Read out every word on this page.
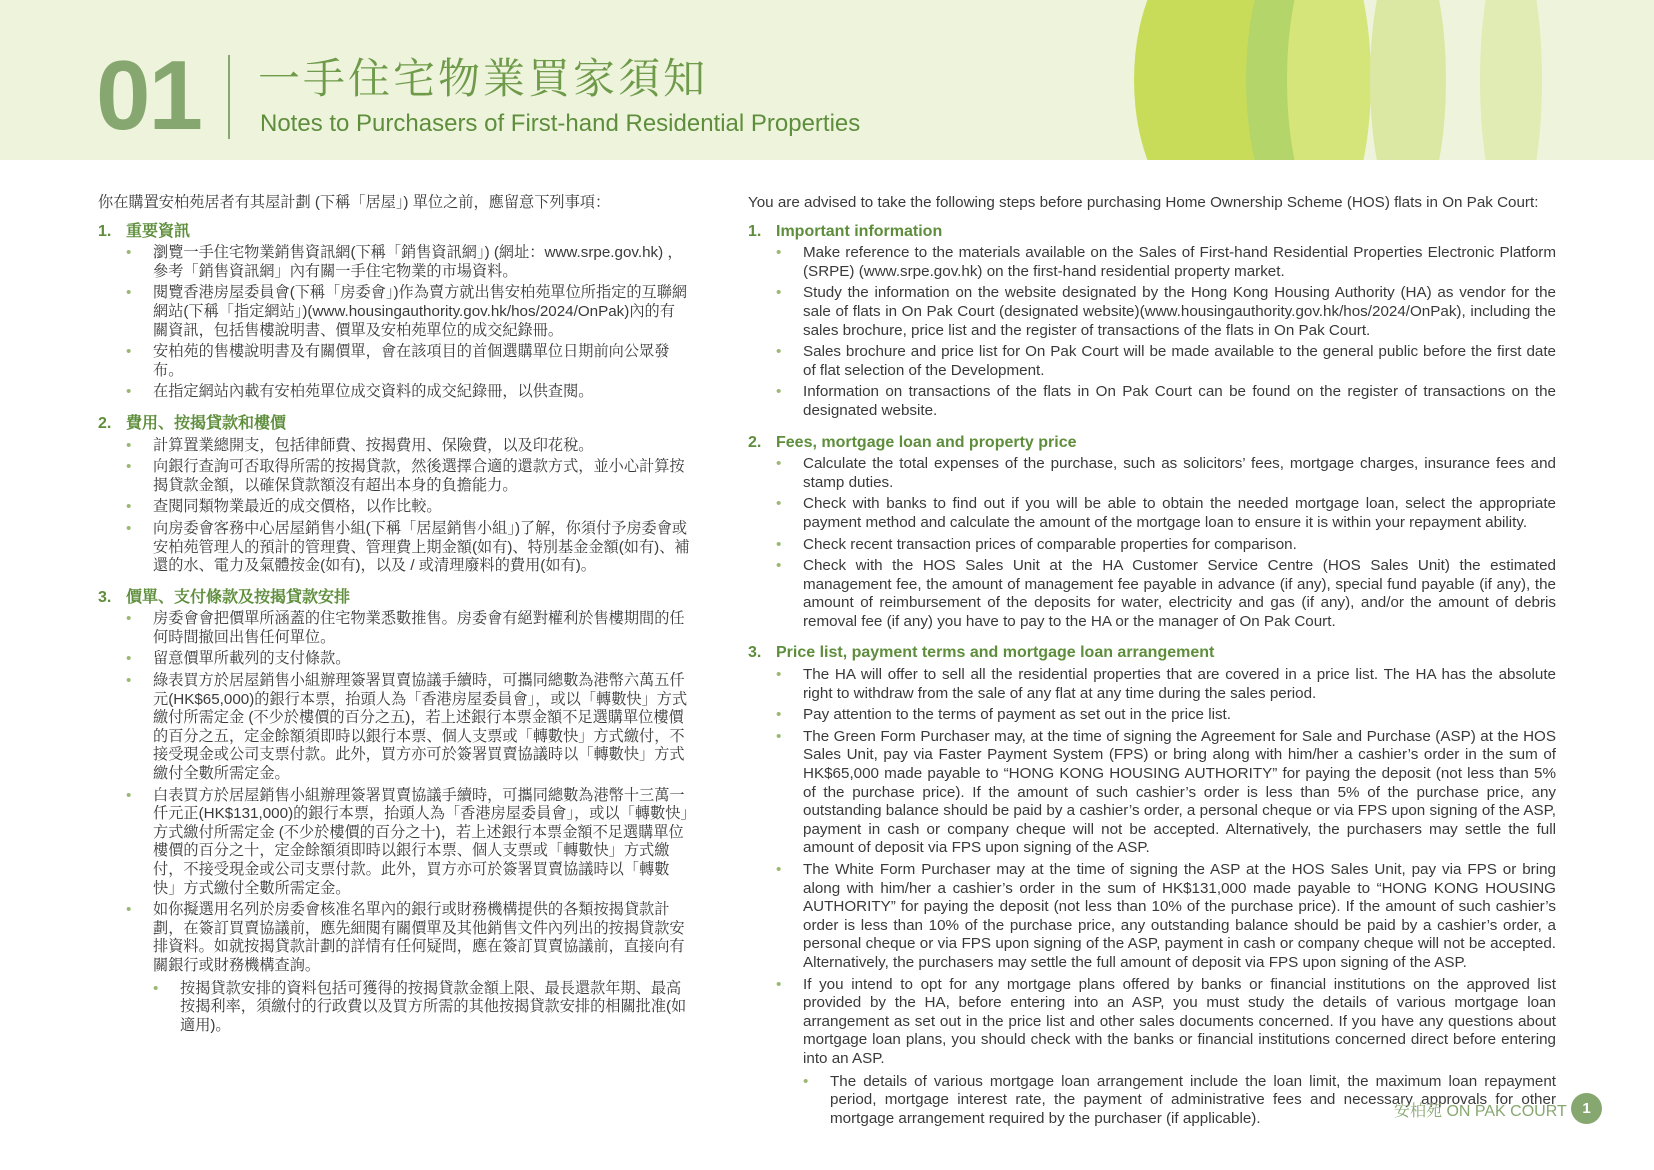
01 一手住宅物業買家須知
Notes to Purchasers of First-hand Residential Properties

你在購置安柏苑居者有其屋計劃 (下稱「居屋」) 單位之前，應留意下列事項：

1. 重要資訊
• 瀏覽一手住宅物業銷售資訊網(下稱「銷售資訊網」) (網址：www.srpe.gov.hk) ，參考「銷售資訊網」內有關一手住宅物業的市場資料。
• 閱覽香港房屋委員會(下稱「房委會」)作為賣方就出售安柏苑單位所指定的互聯網網站(下稱「指定網站」)(www.housingauthority.gov.hk/hos/2024/OnPak)內的有關資訊，包括售樓說明書、價單及安柏苑單位的成交紀錄冊。
• 安柏苑的售樓說明書及有關價單，會在該項目的首個選購單位日期前向公眾發布。
• 在指定網站內載有安柏苑單位成交資料的成交紀錄冊，以供查閱。
2. 費用、按揭貸款和樓價
• 計算置業總開支，包括律師費、按揭費用、保險費，以及印花稅。
• 向銀行查詢可否取得所需的按揭貸款，然後選擇合適的還款方式，並小心計算按揭貸款金額，以確保貸款額沒有超出本身的負擔能力。
• 查閱同類物業最近的成交價格，以作比較。
• 向房委會客務中心居屋銷售小組(下稱「居屋銷售小組」)了解，你須付予房委會或安柏苑管理人的預計的管理費、管理費上期金額(如有)、特別基金金額(如有)、補還的水、電力及氣體按金(如有)，以及 / 或清理廢料的費用(如有)。
3. 價單、支付條款及按揭貸款安排
• 房委會會把價單所涵蓋的住宅物業悉數推售。房委會有絕對權利於售樓期間的任何時間撤回出售任何單位。
• 留意價單所載列的支付條款。
• 綠表買方於居屋銷售小組辦理簽署買賣協議手續時，可攜同總數為港幣六萬五仟元(HK$65,000)的銀行本票，抬頭人為「香港房屋委員會」，或以「轉數快」方式繳付所需定金 (不少於樓價的百分之五)，若上述銀行本票金額不足選購單位樓價的百分之五，定金餘額須即時以銀行本票、個人支票或「轉數快」方式繳付，不接受現金或公司支票付款。此外，買方亦可於簽署買賣協議時以「轉數快」方式繳付全數所需定金。
• 白表買方於居屋銷售小組辦理簽署買賣協議手續時，可攜同總數為港幣十三萬一仟元正(HK$131,000)的銀行本票，抬頭人為「香港房屋委員會」，或以「轉數快」方式繳付所需定金 (不少於樓價的百分之十)，若上述銀行本票金額不足選購單位樓價的百分之十，定金餘額須即時以銀行本票、個人支票或「轉數快」方式繳付，不接受現金或公司支票付款。此外，買方亦可於簽署買賣協議時以「轉數快」方式繳付全數所需定金。
• 如你擬選用名列於房委會核准名單內的銀行或財務機構提供的各類按揭貸款計劃，在簽訂買賣協議前，應先細閱有關價單及其他銷售文件內列出的按揭貸款安排資料。如就按揭貸款計劃的詳情有任何疑問，應在簽訂買賣協議前，直接向有關銀行或財務機構查詢。
• 按揭貸款安排的資料包括可獲得的按揭貸款金額上限、最長還款年期、最高按揭利率，須繳付的行政費以及買方所需的其他按揭貸款安排的相關批准(如適用)。

You are advised to take the following steps before purchasing Home Ownership Scheme (HOS) flats in On Pak Court:

1. Important information
• Make reference to the materials available on the Sales of First-hand Residential Properties Electronic Platform (SRPE) (www.srpe.gov.hk) on the first-hand residential property market.
• Study the information on the website designated by the Hong Kong Housing Authority (HA) as vendor for the sale of flats in On Pak Court (designated website)(www.housingauthority.gov.hk/hos/2024/OnPak), including the sales brochure, price list and the register of transactions of the flats in On Pak Court.
• Sales brochure and price list for On Pak Court will be made available to the general public before the first date of flat selection of the Development.
• Information on transactions of the flats in On Pak Court can be found on the register of transactions on the designated website.
2. Fees, mortgage loan and property price
• Calculate the total expenses of the purchase, such as solicitors’ fees, mortgage charges, insurance fees and stamp duties.
• Check with banks to find out if you will be able to obtain the needed mortgage loan, select the appropriate payment method and calculate the amount of the mortgage loan to ensure it is within your repayment ability.
• Check recent transaction prices of comparable properties for comparison.
• Check with the HOS Sales Unit at the HA Customer Service Centre (HOS Sales Unit) the estimated management fee, the amount of management fee payable in advance (if any), special fund payable (if any), the amount of reimbursement of the deposits for water, electricity and gas (if any), and/or the amount of debris removal fee (if any) you have to pay to the HA or the manager of On Pak Court.
3. Price list, payment terms and mortgage loan arrangement
• The HA will offer to sell all the residential properties that are covered in a price list. The HA has the absolute right to withdraw from the sale of any flat at any time during the sales period.
• Pay attention to the terms of payment as set out in the price list.
• The Green Form Purchaser may, at the time of signing the Agreement for Sale and Purchase (ASP) at the HOS Sales Unit, pay via Faster Payment System (FPS) or bring along with him/her a cashier’s order in the sum of HK$65,000 made payable to “HONG KONG HOUSING AUTHORITY” for paying the deposit (not less than 5% of the purchase price). If the amount of such cashier’s order is less than 5% of the purchase price, any outstanding balance should be paid by a cashier’s order, a personal cheque or via FPS upon signing of the ASP, payment in cash or company cheque will not be accepted. Alternatively, the purchasers may settle the full amount of deposit via FPS upon signing of the ASP.
• The White Form Purchaser may at the time of signing the ASP at the HOS Sales Unit, pay via FPS or bring along with him/her a cashier’s order in the sum of HK$131,000 made payable to “HONG KONG HOUSING AUTHORITY” for paying the deposit (not less than 10% of the purchase price). If the amount of such cashier’s order is less than 10% of the purchase price, any outstanding balance should be paid by a cashier’s order, a personal cheque or via FPS upon signing of the ASP, payment in cash or company cheque will not be accepted. Alternatively, the purchasers may settle the full amount of deposit via FPS upon signing of the ASP.
• If you intend to opt for any mortgage plans offered by banks or financial institutions on the approved list provided by the HA, before entering into an ASP, you must study the details of various mortgage loan arrangement as set out in the price list and other sales documents concerned. If you have any questions about mortgage loan plans, you should check with the banks or financial institutions concerned direct before entering into an ASP.
• The details of various mortgage loan arrangement include the loan limit, the maximum loan repayment period, mortgage interest rate, the payment of administrative fees and necessary approvals for other mortgage arrangement required by the purchaser (if applicable).	安柏苑 ON PAK COURT	1
